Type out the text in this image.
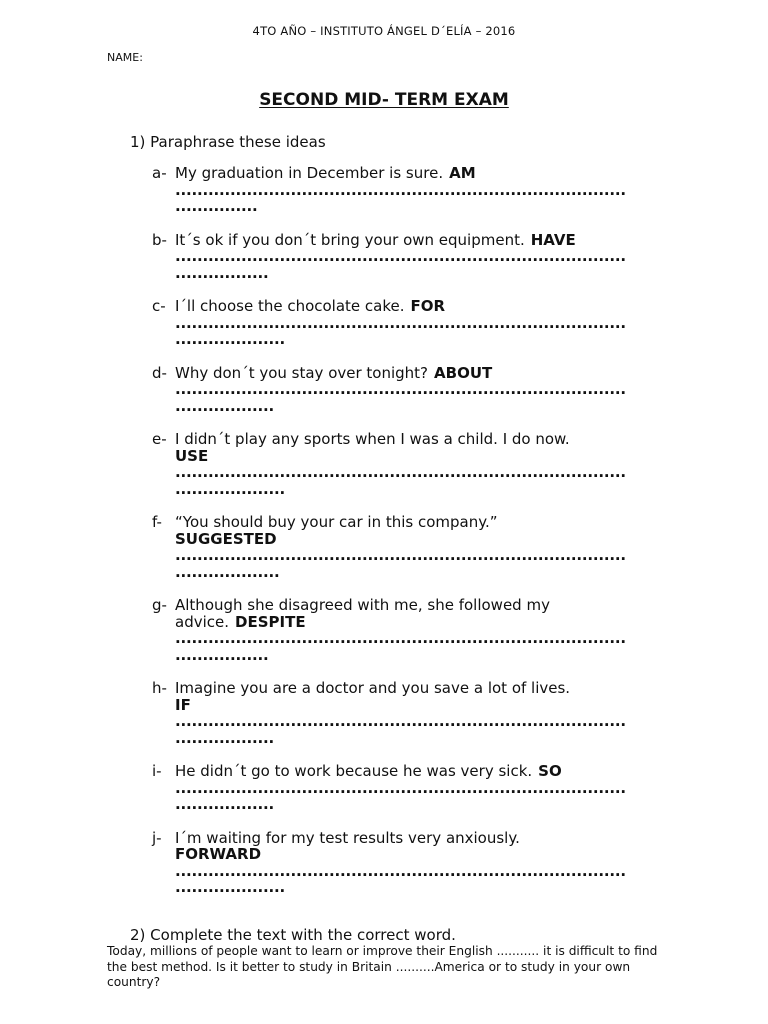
4TO AÑO – INSTITUTO ÁNGEL D´ELÍA – 2016
NAME:
SECOND MID- TERM EXAM
1) Paraphrase these ideas
a- My graduation in December is sure. AM
..................................................................................
...............
b- It´s ok if you don´t bring your own equipment. HAVE
..................................................................................
.................
c- I´ll choose the chocolate cake. FOR
..................................................................................
....................
d- Why don´t you stay over tonight? ABOUT
..................................................................................
..................
e- I didn´t play any sports when I was a child. I do now.
USE
..................................................................................
....................
f- “You should buy your car in this company.”
SUGGESTED
..................................................................................
...................
g- Although she disagreed with me, she followed my advice. DESPITE
..................................................................................
.................
h- Imagine you are a doctor and you save a lot of lives.
IF
..................................................................................
..................
i- He didn´t go to work because he was very sick. SO
..................................................................................
..................
j- I´m waiting for my test results very anxiously.
FORWARD
..................................................................................
....................
2) Complete the text with the correct word.
Today, millions of people want to learn or improve their English ........... it is difficult to find the best method. Is it better to study in Britain ..........America or to study in your own country?
